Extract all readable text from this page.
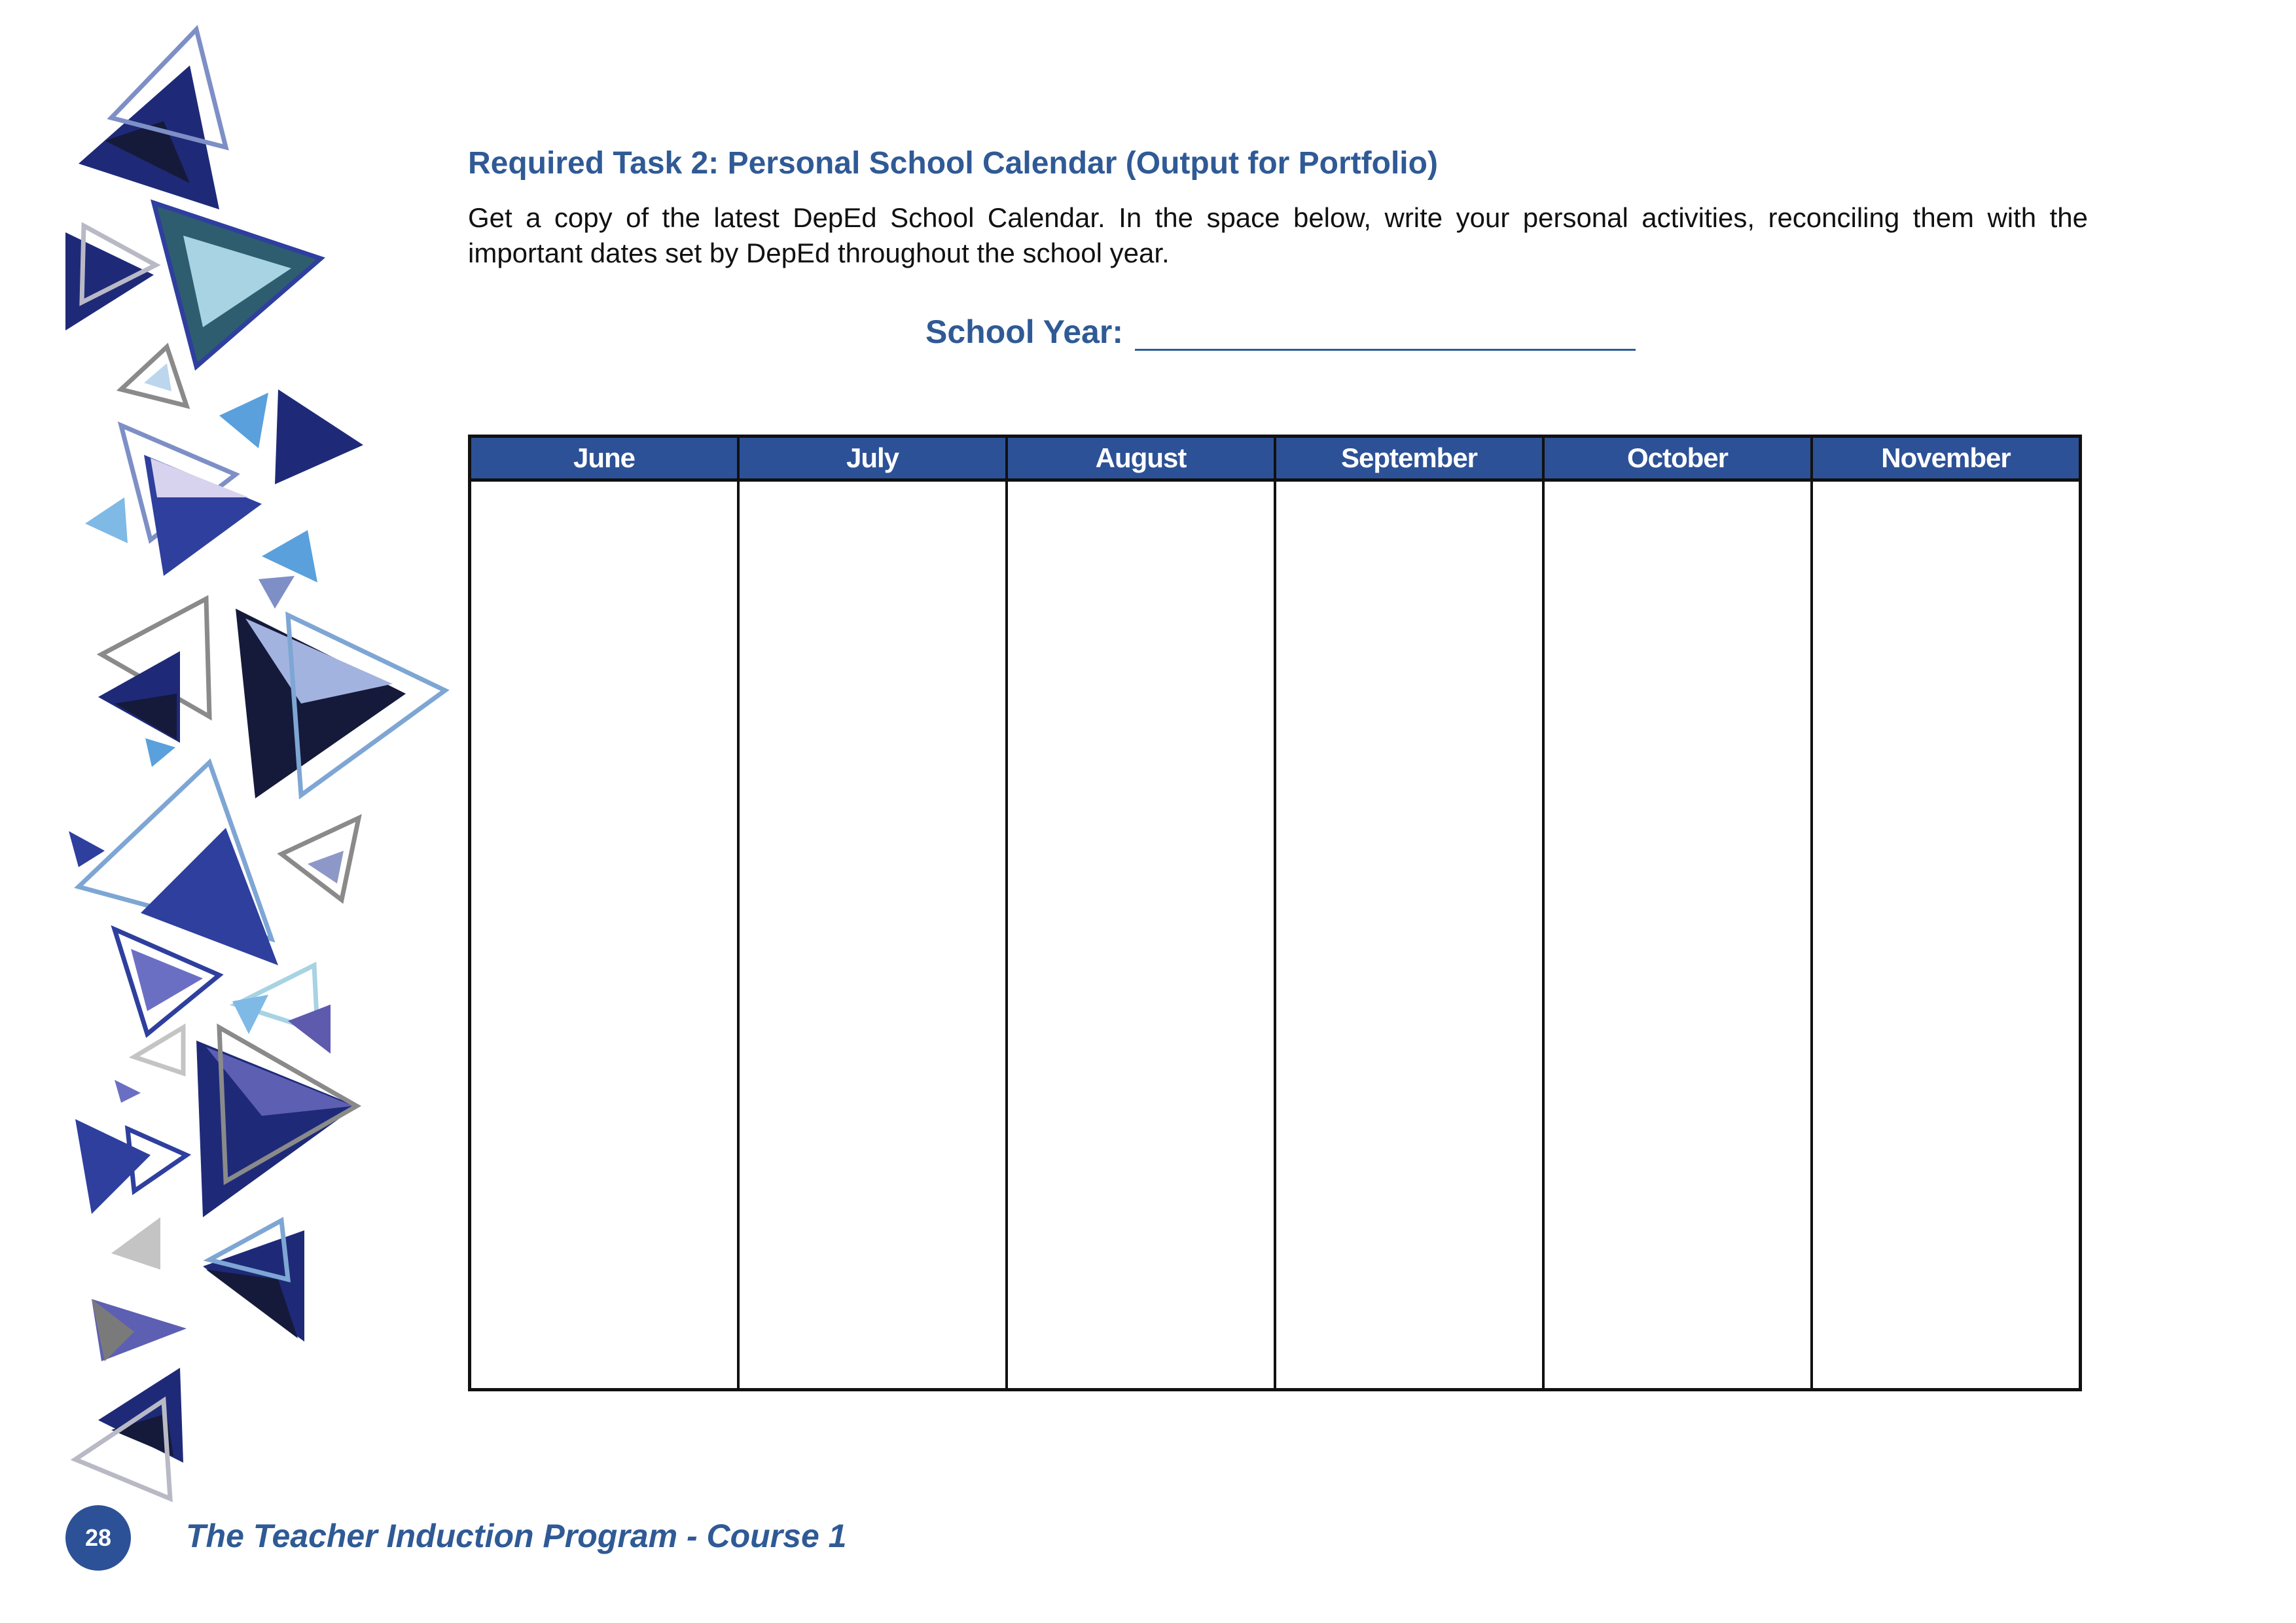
Required Task 2: Personal School Calendar (Output for Portfolio)

Get a copy of the latest DepEd School Calendar. In the space below, write your personal activities, reconciling them with the important dates set by DepEd throughout the school year.

School Year:
June	July	August	September	October	November
28 The Teacher Induction Program - Course 1
